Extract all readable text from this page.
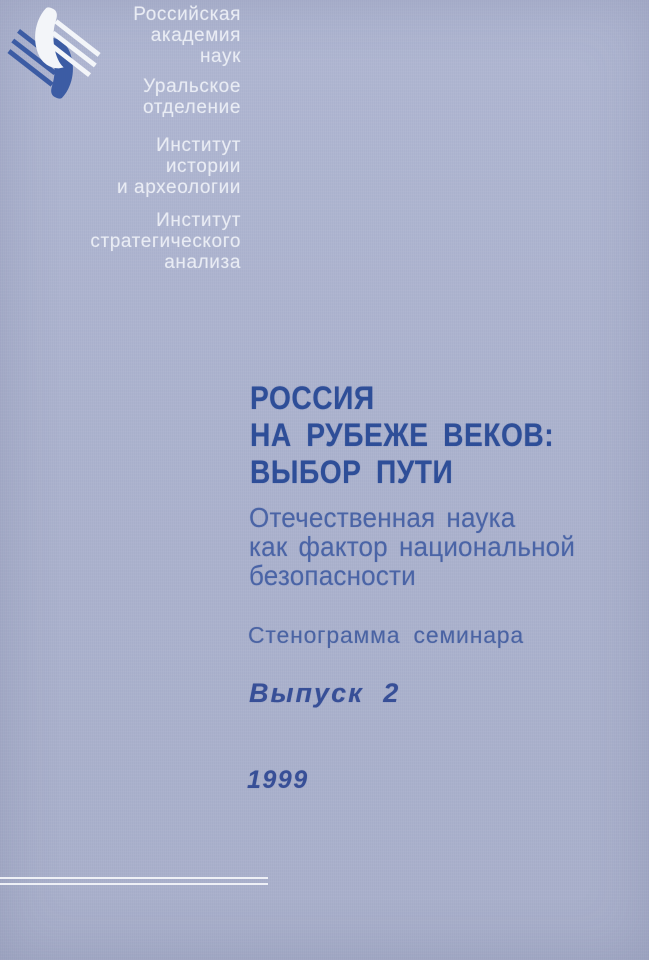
Российская
академия
наук
Уральское
отделение
Институт
истории
и археологии
Институт
стратегического
анализа
РОССИЯ
НА РУБЕЖЕ ВЕКОВ:
ВЫБОР ПУТИ
Отечественная наука
как фактор национальной
безопасности
Стенограмма семинара
Выпуск 2
1999
